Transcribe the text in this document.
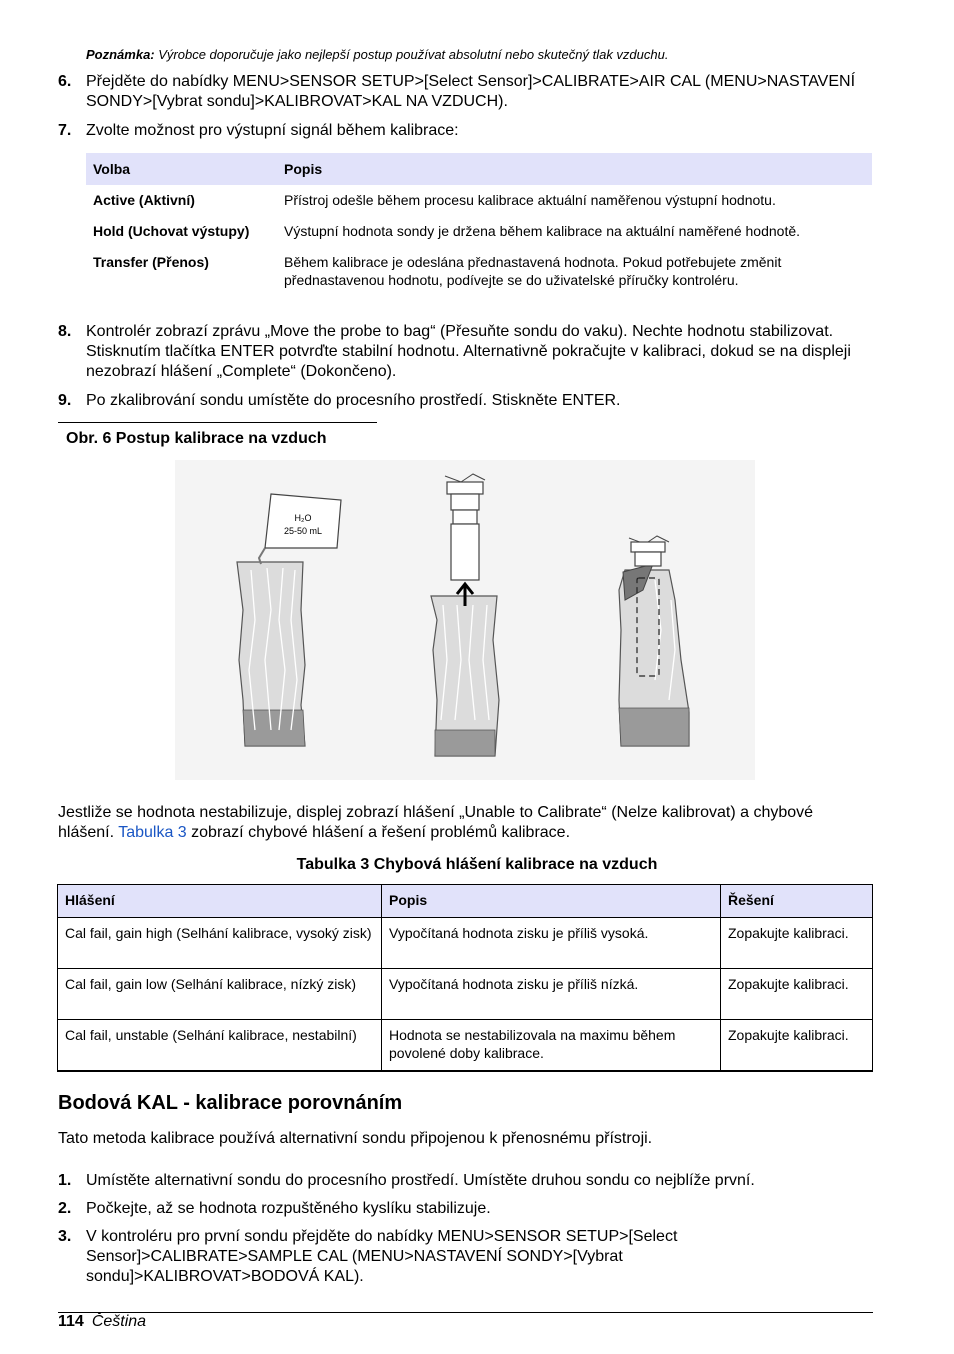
Poznámka: Výrobce doporučuje jako nejlepší postup používat absolutní nebo skutečný tlak vzduchu.
6. Přejděte do nabídky MENU>SENSOR SETUP>[Select Sensor]>CALIBRATE>AIR CAL (MENU>NASTAVENÍ SONDY>[Vybrat sondu]>KALIBROVAT>KAL NA VZDUCH).
7. Zvolte možnost pro výstupní signál během kalibrace:
Volba	Popis
Active (Aktivní)	Přístroj odešle během procesu kalibrace aktuální naměřenou výstupní hodnotu.
Hold (Uchovat výstupy)	Výstupní hodnota sondy je držena během kalibrace na aktuální naměřené hodnotě.
Transfer (Přenos)	Během kalibrace je odeslána přednastavená hodnota. Pokud potřebujete změnit přednastavenou hodnotu, podívejte se do uživatelské příručky kontroléru.
8. Kontrolér zobrazí zprávu „Move the probe to bag“ (Přesuňte sondu do vaku). Nechte hodnotu stabilizovat. Stisknutím tlačítka ENTER potvrďte stabilní hodnotu. Alternativně pokračujte v kalibraci, dokud se na displeji nezobrazí hlášení „Complete“ (Dokončeno).
9. Po zkalibrování sondu umístěte do procesního prostředí. Stiskněte ENTER.
Obr. 6 Postup kalibrace na vzduch
H₂O
25-50 mL
Jestliže se hodnota nestabilizuje, displej zobrazí hlášení „Unable to Calibrate“ (Nelze kalibrovat) a chybové hlášení. Tabulka 3 zobrazí chybové hlášení a řešení problémů kalibrace.
Tabulka 3 Chybová hlášení kalibrace na vzduch
Hlášení	Popis	Řešení
Cal fail, gain high (Selhání kalibrace, vysoký zisk)	Vypočítaná hodnota zisku je příliš vysoká.	Zopakujte kalibraci.
Cal fail, gain low (Selhání kalibrace, nízký zisk)	Vypočítaná hodnota zisku je příliš nízká.	Zopakujte kalibraci.
Cal fail, unstable (Selhání kalibrace, nestabilní)	Hodnota se nestabilizovala na maximu během povolené doby kalibrace.	Zopakujte kalibraci.
Bodová KAL - kalibrace porovnáním
Tato metoda kalibrace používá alternativní sondu připojenou k přenosnému přístroji.
1. Umístěte alternativní sondu do procesního prostředí. Umístěte druhou sondu co nejblíže první.
2. Počkejte, až se hodnota rozpuštěného kyslíku stabilizuje.
3. V kontroléru pro první sondu přejděte do nabídky MENU>SENSOR SETUP>[Select Sensor]>CALIBRATE>SAMPLE CAL (MENU>NASTAVENÍ SONDY>[Vybrat sondu]>KALIBROVAT>BODOVÁ KAL).
114 Čeština
